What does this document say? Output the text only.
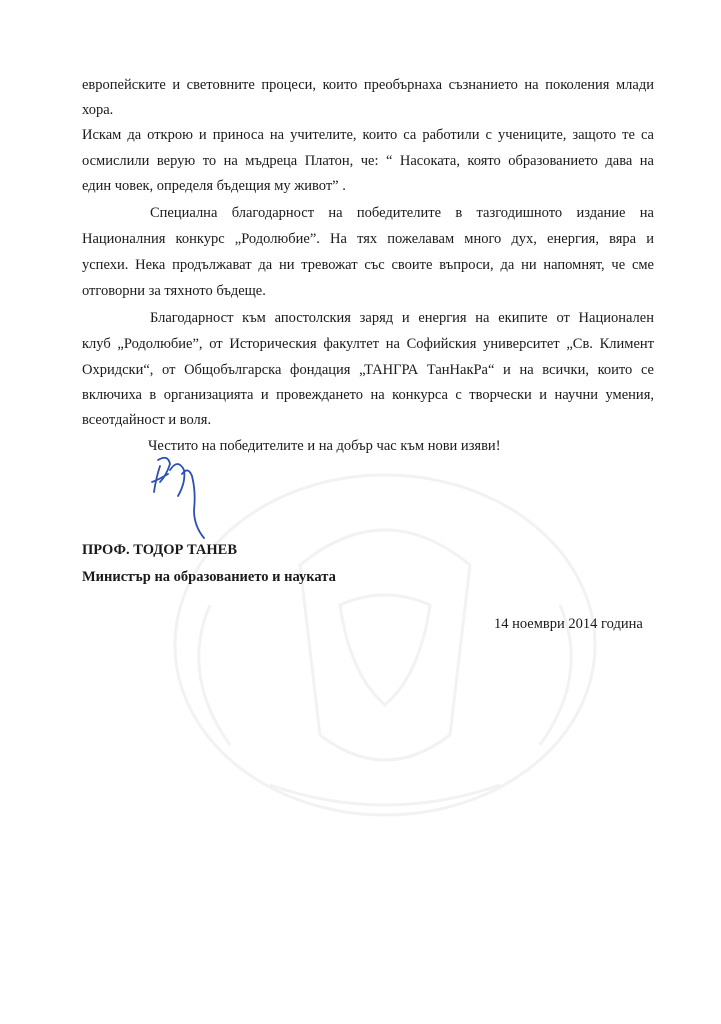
европейските и световните процеси, които преобърнаха съзнанието на поколения млади
хора.
Искам да открою и приноса на учителите, които са работили с учениците, защото те са
осмислили верую то на мъдреца Платон, че: “ Насоката, която образованието дава на
един човек, определя бъдещия му живот” .
Специална благодарност на победителите в тазгодишното издание на
Националния конкурс „Родолюбие”. На тях пожелавам много дух, енергия, вяра и
успехи. Нека продължават да ни тревожат със своите въпроси, да ни напомнят, че сме
отговорни за тяхното бъдеще.
Благодарност към апостолския заряд и енергия на екипите от Национален
клуб „Родолюбие”, от Историческия факултет на Софийския университет „Св. Климент
Охридски“, от Общобългарска фондация „ТАНГРА ТанНакРа“ и на всички, които се
включиха в организацията и провеждането на конкурса с творчески и научни умения,
всеотдайност и воля.
Честито на победителите и на добър час към нови изяви!
ПРОФ. ТОДОР ТАНЕВ
Министър на образованието и науката
14 ноември 2014 година
